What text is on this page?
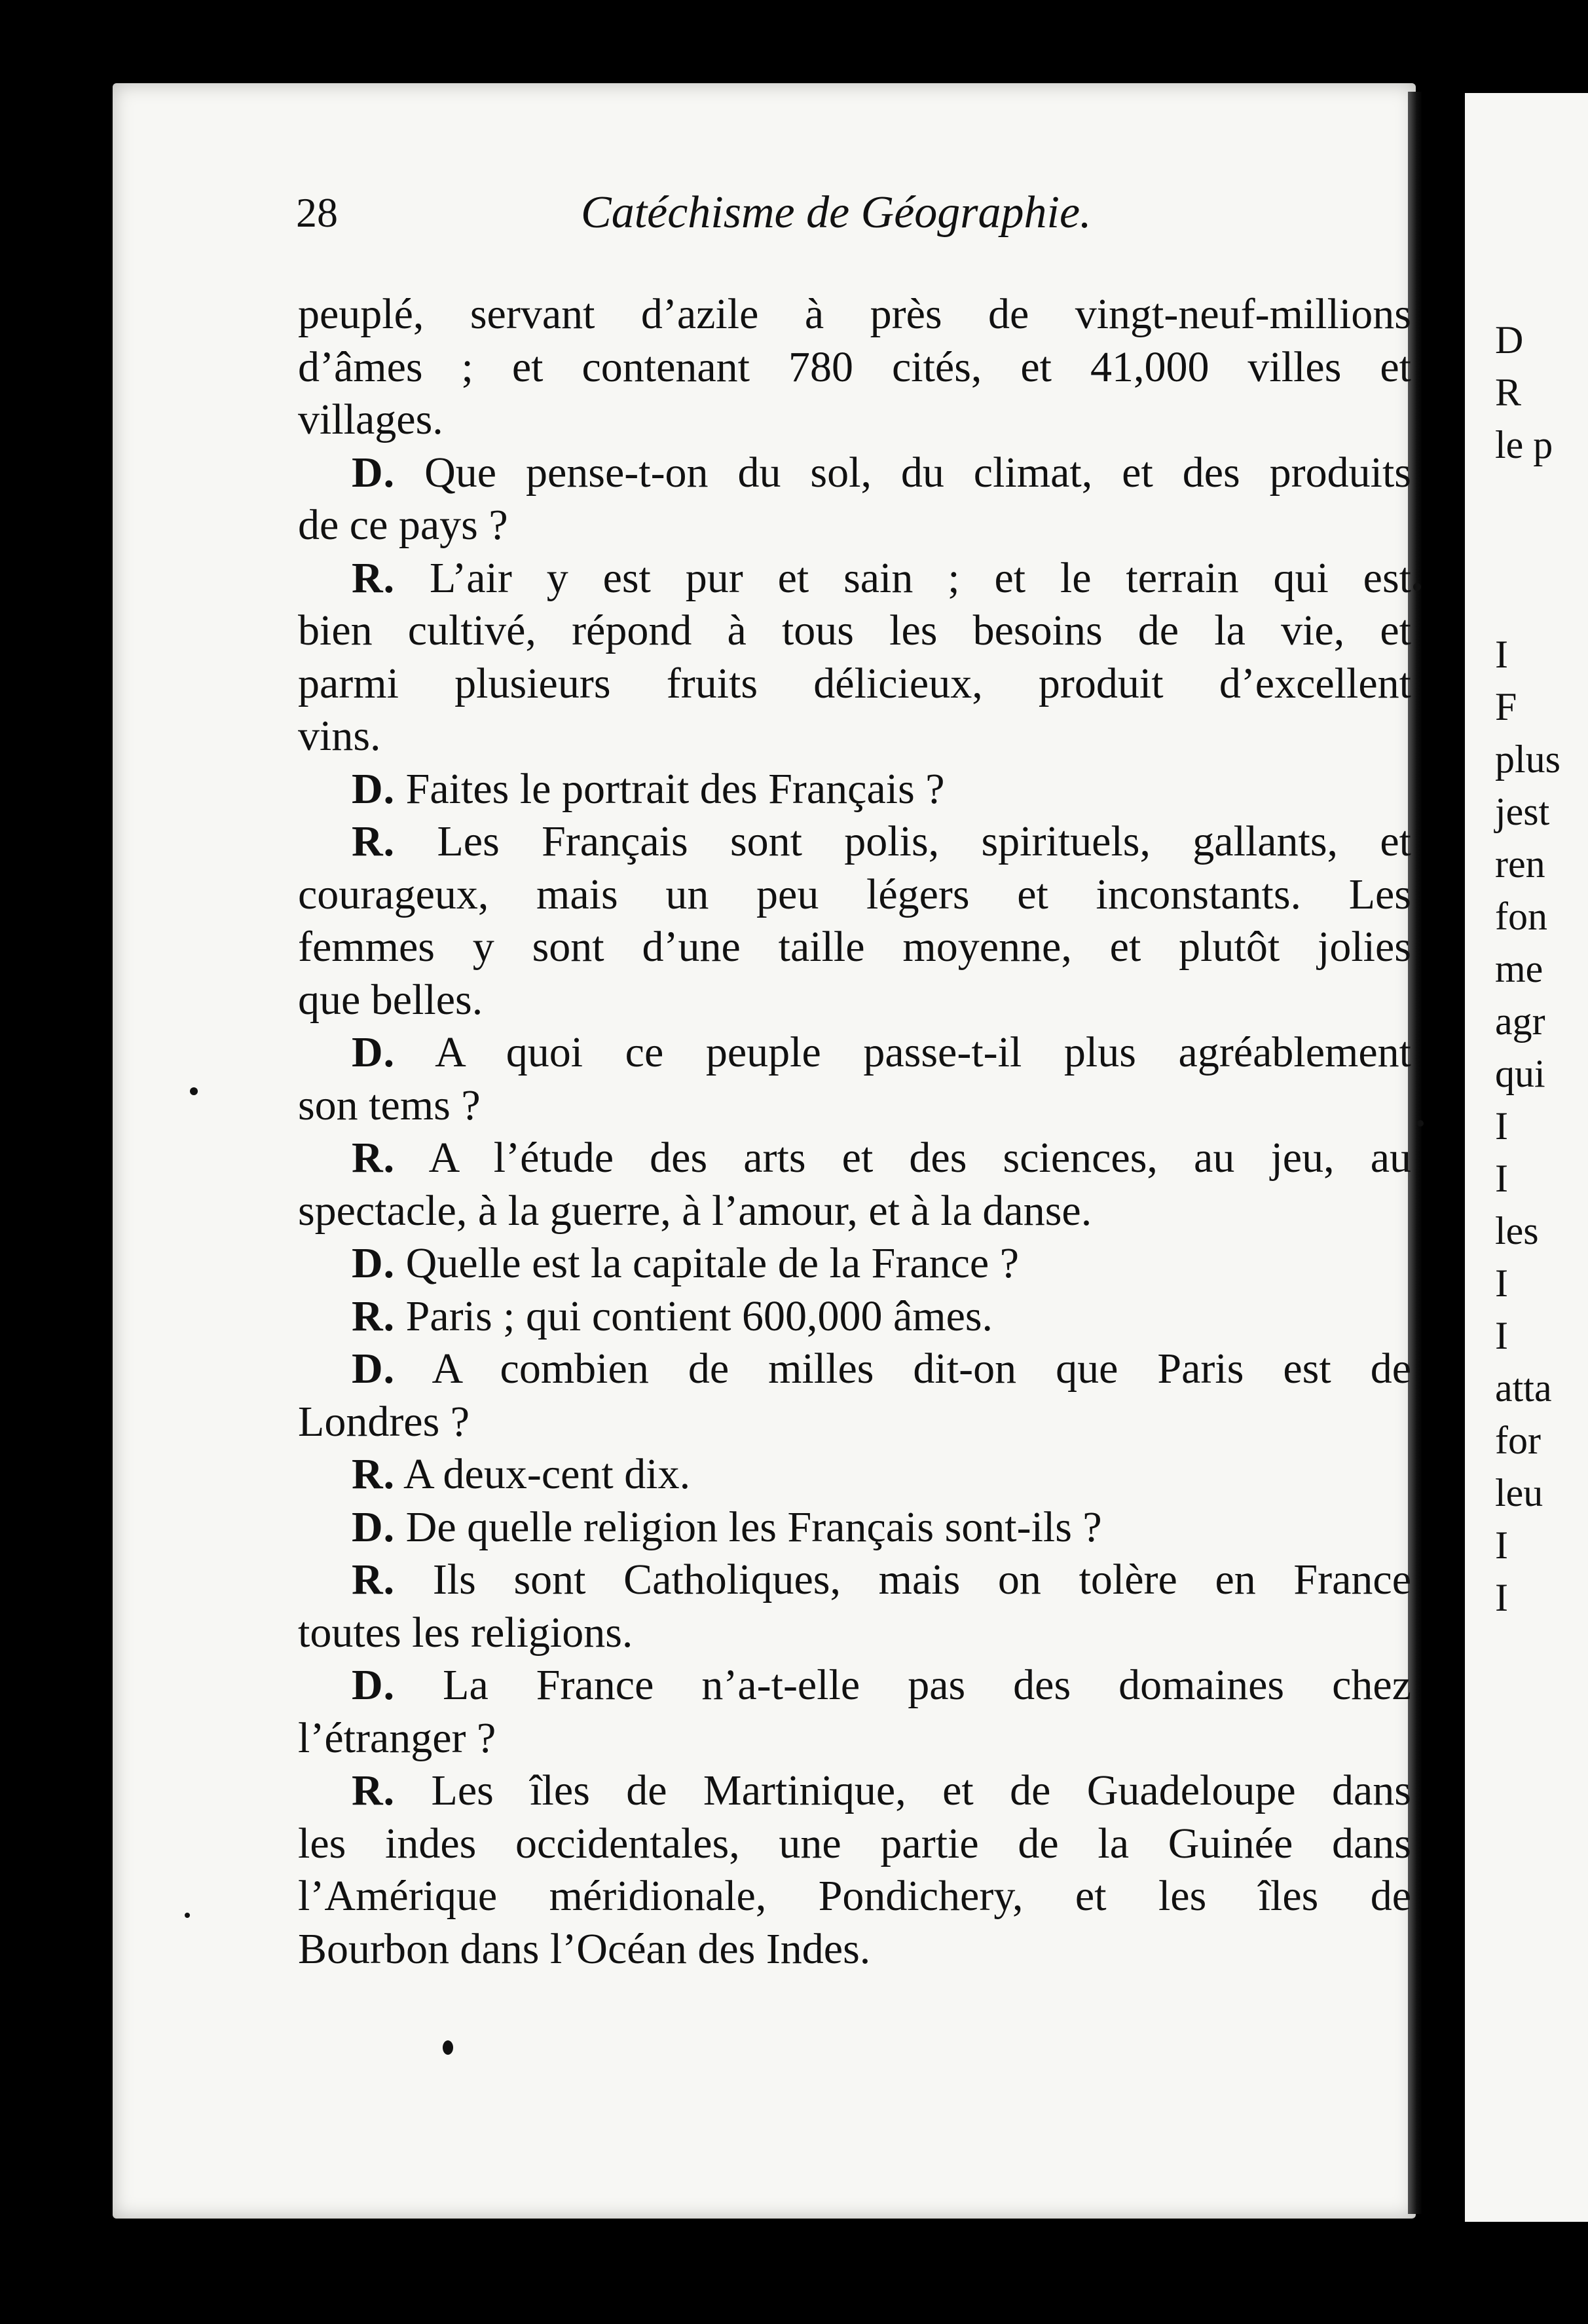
D
R
le p
I
F
plus
jest
ren
fon
me
agr
qui
I
I
les
I
I
atta
for
leu
I
I
28	Catéchisme de Géographie.
peuplé, servant d’azile à près de vingt-neuf-millions
d’âmes ; et contenant 780 cités, et 41,000 villes et
villages.
D. Que pense-t-on du sol, du climat, et des produits
de ce pays ?
R. L’air y est pur et sain ; et le terrain qui est
bien cultivé, répond à tous les besoins de la vie, et
parmi plusieurs fruits délicieux, produit d’excellent
vins.
D. Faites le portrait des Français ?
R. Les Français sont polis, spirituels, gallants, et
courageux, mais un peu légers et inconstants. Les
femmes y sont d’une taille moyenne, et plutôt jolies
que belles.
D. A quoi ce peuple passe-t-il plus agréablement
son tems ?
R. A l’étude des arts et des sciences, au jeu, au
spectacle, à la guerre, à l’amour, et à la danse.
D. Quelle est la capitale de la France ?
R. Paris ; qui contient 600,000 âmes.
D. A combien de milles dit-on que Paris est de
Londres ?
R. A deux-cent dix.
D. De quelle religion les Français sont-ils ?
R. Ils sont Catholiques, mais on tolère en France
toutes les religions.
D. La France n’a-t-elle pas des domaines chez
l’étranger ?
R. Les îles de Martinique, et de Guadeloupe dans
les indes occidentales, une partie de la Guinée dans
l’Amérique méridionale, Pondichery, et les îles de
Bourbon dans l’Océan des Indes.
